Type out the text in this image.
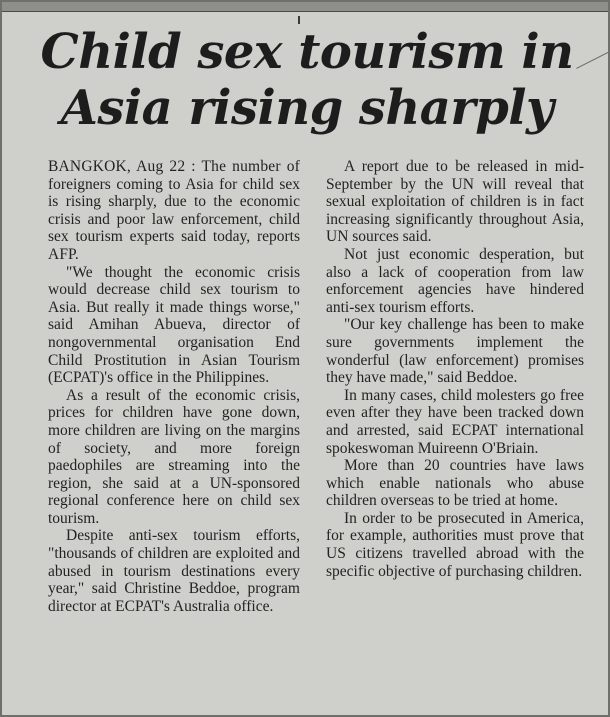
Child sex tourism in
Asia rising sharply

BANGKOK, Aug 22 : The number of foreigners coming to Asia for child sex is rising sharply, due to the economic crisis and poor law enforcement, child sex tourism experts said today, reports AFP.

"We thought the economic crisis would decrease child sex tourism to Asia. But really it made things worse," said Amihan Abueva, director of nongovernmental organisation End Child Prostitution in Asian Tourism (ECPAT)'s office in the Philippines.

As a result of the economic crisis, prices for children have gone down, more children are living on the margins of society, and more foreign paedophiles are streaming into the region, she said at a UN-sponsored regional conference here on child sex tourism.

Despite anti-sex tourism efforts, "thousands of children are exploited and abused in tourism destinations every year," said Christine Beddoe, program director at ECPAT's Australia office.

A report due to be released in mid-September by the UN will reveal that sexual exploitation of children is in fact increasing significantly throughout Asia, UN sources said.

Not just economic desperation, but also a lack of cooperation from law enforcement agencies have hindered anti-sex tourism efforts.

"Our key challenge has been to make sure governments implement the wonderful (law enforcement) promises they have made," said Beddoe.

In many cases, child molesters go free even after they have been tracked down and arrested, said ECPAT international spokeswoman Muireenn O'Briain.

More than 20 countries have laws which enable nationals who abuse children overseas to be tried at home.

In order to be prosecuted in America, for example, authorities must prove that US citizens travelled abroad with the specific objective of purchasing children.
